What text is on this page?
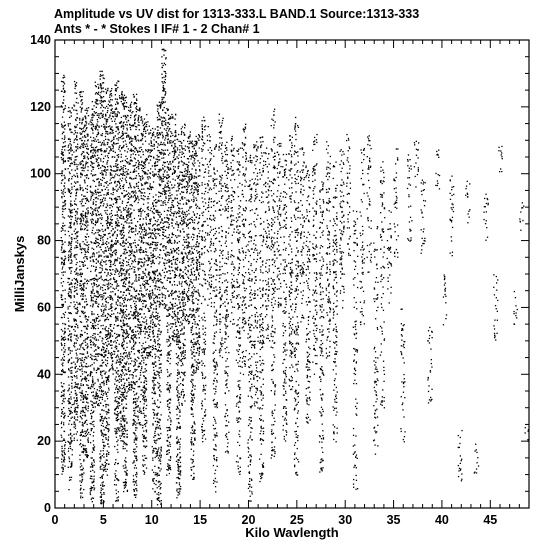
Amplitude vs UV dist for 1313-333.L BAND.1 Source:1313-333
Ants * - * Stokes I IF# 1 - 2 Chan# 1
0	5	10	15	20	25	30	35	40	45
0
20
40
60
80
100
120
140
Kilo Wavlength
MilliJanskys
